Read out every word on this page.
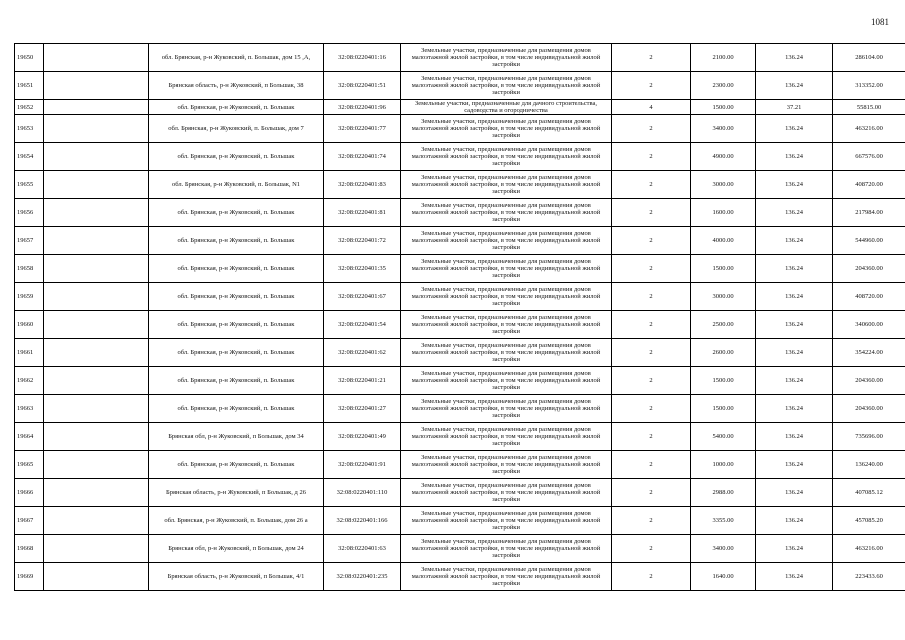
1081
19650		обл. Брянская, р-н Жуковский, п. Большак, дом 15 ,А,	32:08:0220401:16	Земельные участки, предназначенные для размещения домов малоэтажной жилой застройки, в том числе индивидуальной жилой застройки	2	2100.00	136.24	286104.00
19651		Брянская область, р-н Жуковский, п Большак, 38	32:08:0220401:51	Земельные участки, предназначенные для размещения домов малоэтажной жилой застройки, в том числе индивидуальной жилой застройки	2	2300.00	136.24	313352.00
19652		обл. Брянская, р-н Жуковский, п. Большак	32:08:0220401:96	Земельные участки, предназначенные для дачного строительства, садоводства и огородничества	4	1500.00	37.21	55815.00
19653		обл. Брянская, р-н Жуковский, п. Большак, дом 7	32:08:0220401:77	Земельные участки, предназначенные для размещения домов малоэтажной жилой застройки, в том числе индивидуальной жилой застройки	2	3400.00	136.24	463216.00
19654		обл. Брянская, р-н Жуковский, п. Большак	32:08:0220401:74	Земельные участки, предназначенные для размещения домов малоэтажной жилой застройки, в том числе индивидуальной жилой застройки	2	4900.00	136.24	667576.00
19655		обл. Брянская, р-н Жуковский, п. Большак, N1	32:08:0220401:83	Земельные участки, предназначенные для размещения домов малоэтажной жилой застройки, в том числе индивидуальной жилой застройки	2	3000.00	136.24	408720.00
19656		обл. Брянская, р-н Жуковский, п. Большак	32:08:0220401:81	Земельные участки, предназначенные для размещения домов малоэтажной жилой застройки, в том числе индивидуальной жилой застройки	2	1600.00	136.24	217984.00
19657		обл. Брянская, р-н Жуковский, п. Большак	32:08:0220401:72	Земельные участки, предназначенные для размещения домов малоэтажной жилой застройки, в том числе индивидуальной жилой застройки	2	4000.00	136.24	544960.00
19658		обл. Брянская, р-н Жуковский, п. Большак	32:08:0220401:35	Земельные участки, предназначенные для размещения домов малоэтажной жилой застройки, в том числе индивидуальной жилой застройки	2	1500.00	136.24	204360.00
19659		обл. Брянская, р-н Жуковский, п. Большак	32:08:0220401:67	Земельные участки, предназначенные для размещения домов малоэтажной жилой застройки, в том числе индивидуальной жилой застройки	2	3000.00	136.24	408720.00
19660		обл. Брянская, р-н Жуковский, п. Большак	32:08:0220401:54	Земельные участки, предназначенные для размещения домов малоэтажной жилой застройки, в том числе индивидуальной жилой застройки	2	2500.00	136.24	340600.00
19661		обл. Брянская, р-н Жуковский, п. Большак	32:08:0220401:62	Земельные участки, предназначенные для размещения домов малоэтажной жилой застройки, в том числе индивидуальной жилой застройки	2	2600.00	136.24	354224.00
19662		обл. Брянская, р-н Жуковский, п. Большак	32:08:0220401:21	Земельные участки, предназначенные для размещения домов малоэтажной жилой застройки, в том числе индивидуальной жилой застройки	2	1500.00	136.24	204360.00
19663		обл. Брянская, р-н Жуковский, п. Большак	32:08:0220401:27	Земельные участки, предназначенные для размещения домов малоэтажной жилой застройки, в том числе индивидуальной жилой застройки	2	1500.00	136.24	204360.00
19664		Брянская обл, р-н Жуковский, п Большак, дом 34	32:08:0220401:49	Земельные участки, предназначенные для размещения домов малоэтажной жилой застройки, в том числе индивидуальной жилой застройки	2	5400.00	136.24	735696.00
19665		обл. Брянская, р-н Жуковский, п. Большак	32:08:0220401:91	Земельные участки, предназначенные для размещения домов малоэтажной жилой застройки, в том числе индивидуальной жилой застройки	2	1000.00	136.24	136240.00
19666		Брянская область, р-н Жуковский, п Большак, д 26	32:08:0220401:110	Земельные участки, предназначенные для размещения домов малоэтажной жилой застройки, в том числе индивидуальной жилой застройки	2	2988.00	136.24	407085.12
19667		обл. Брянская, р-н Жуковский, п. Большак, дом 26 а	32:08:0220401:166	Земельные участки, предназначенные для размещения домов малоэтажной жилой застройки, в том числе индивидуальной жилой застройки	2	3355.00	136.24	457085.20
19668		Брянская обл, р-н Жуковский, п Большак, дом 24	32:08:0220401:63	Земельные участки, предназначенные для размещения домов малоэтажной жилой застройки, в том числе индивидуальной жилой застройки	2	3400.00	136.24	463216.00
19669		Брянская область, р-н Жуковский, п Большак, 4/1	32:08:0220401:235	Земельные участки, предназначенные для размещения домов малоэтажной жилой застройки, в том числе индивидуальной жилой застройки	2	1640.00	136.24	223433.60
